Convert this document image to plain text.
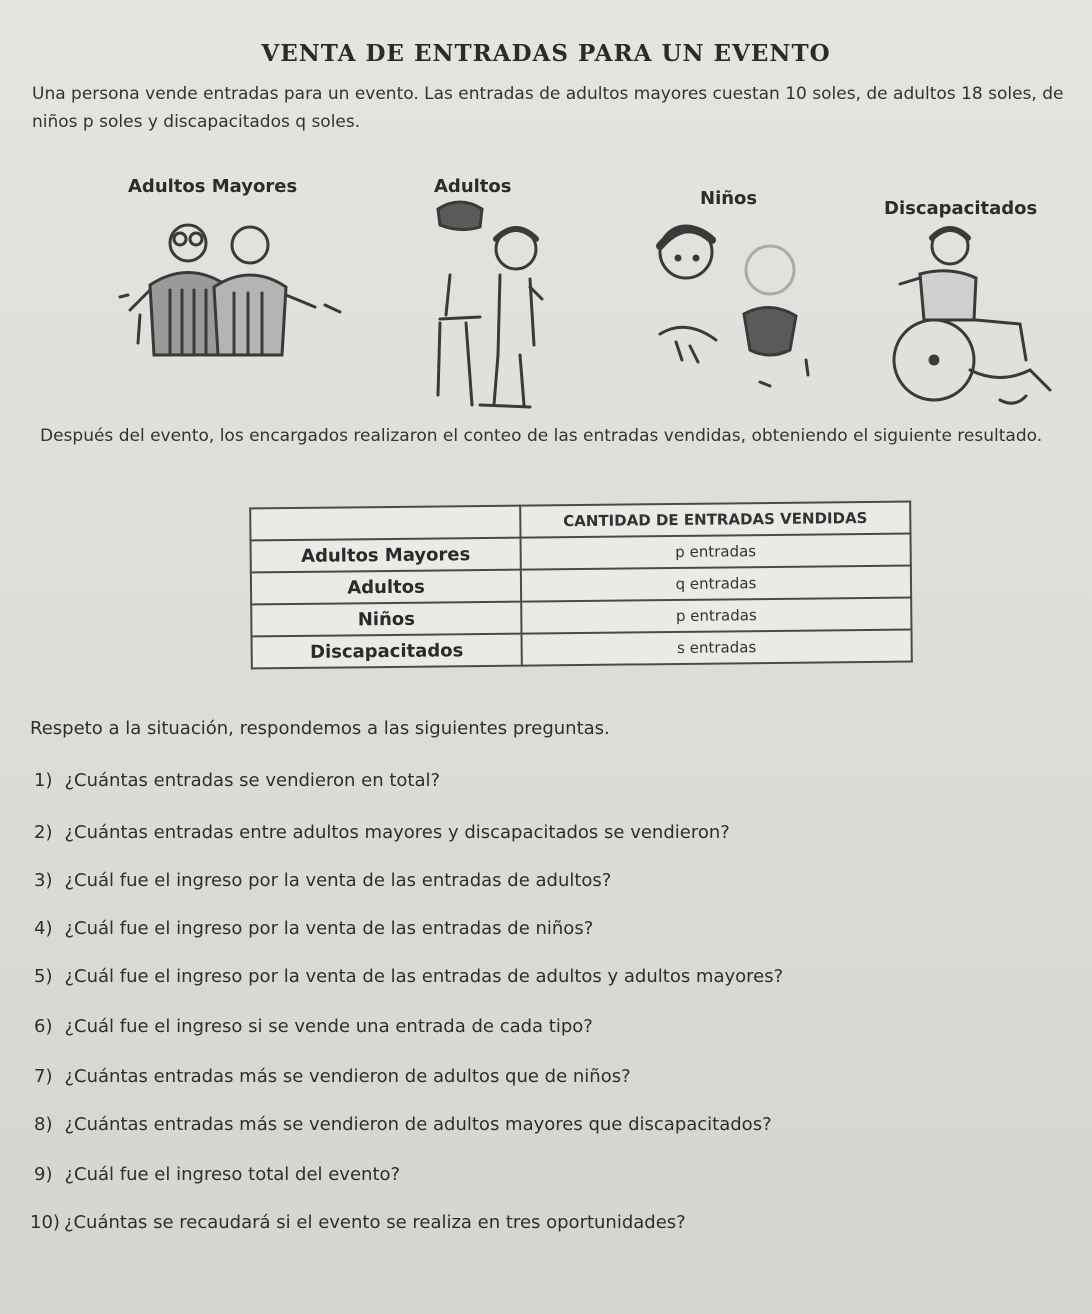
VENTA DE ENTRADAS PARA UN EVENTO
Una persona vende entradas para un evento. Las entradas de adultos mayores cuestan 10 soles, de adultos 18 soles, de niños p soles y discapacitados q soles.
Adultos Mayores	Adultos
Niños	Discapacitados
Después del evento, los encargados realizaron el conteo de las entradas vendidas, obteniendo el siguiente resultado.
	CANTIDAD DE ENTRADAS VENDIDAS
Adultos Mayores	p entradas
Adultos	q entradas
Niños	p entradas
Discapacitados	s entradas
Respeto a la situación, respondemos a las siguientes preguntas.
1) ¿Cuántas entradas se vendieron en total?
2) ¿Cuántas entradas entre adultos mayores y discapacitados se vendieron?
3) ¿Cuál fue el ingreso por la venta de las entradas de adultos?
4) ¿Cuál fue el ingreso por la venta de las entradas de niños?
5) ¿Cuál fue el ingreso por la venta de las entradas de adultos y adultos mayores?
6) ¿Cuál fue el ingreso si se vende una entrada de cada tipo?
7) ¿Cuántas entradas más se vendieron de adultos que de niños?
8) ¿Cuántas entradas más se vendieron de adultos mayores que discapacitados?
9) ¿Cuál fue el ingreso total del evento?
10) ¿Cuántas se recaudará si el evento se realiza en tres oportunidades?
